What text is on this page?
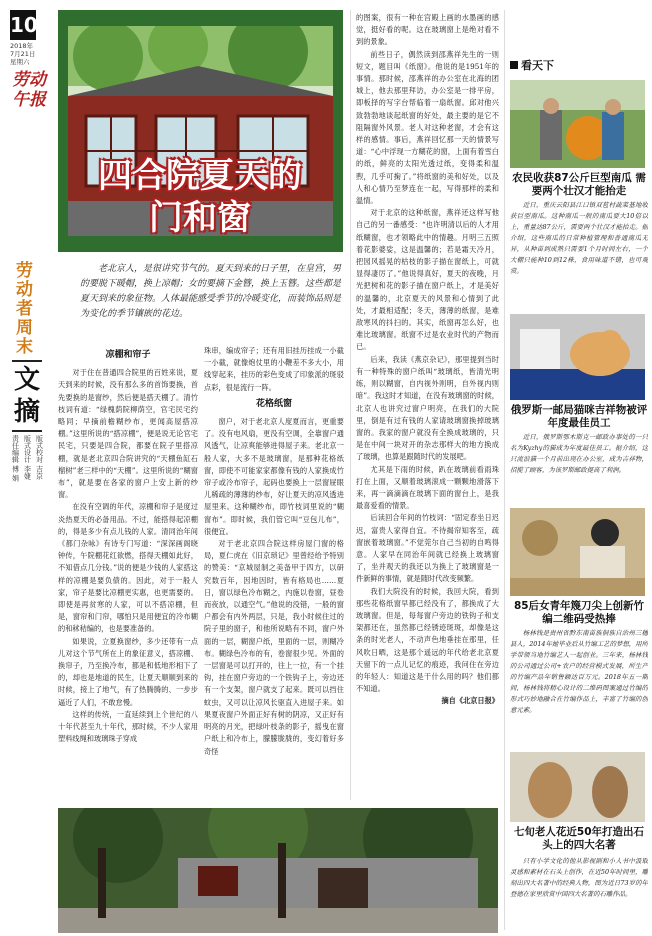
10
2018年
7月21日
星期六
劳动午报
劳动者周末
文摘
版式校对 吉京
版式设计 李婕
责任编辑 傅 娟
四合院夏天的
门和窗
老北京人，是很讲究节气的。夏天到来的日子里，在皇宫，男的要脱下暖帽，换上凉帽；女的要摘下金簪，换上玉簪。这些都是夏天到来的象征物。人体最能感受季节的冷暖变化，而装饰品则是为变化的季节镶嵌的花边。
凉棚和帘子

对于住在普通四合院里的百姓来说，夏天到来的时候，没有那么多的首饰要换，首先要换的是窗纱，然后便是搭天棚了。清竹枝词有道：“绿槐荫院柳荫空，官宅民宅约略同；早摘前檐糊纱布，更闻高屋搭凉棚。”这里所说的“搭凉棚”，便是说无论官宅民宅，只要是四合院，都要在院子里搭凉棚，就是老北京四合院讲究的“天棚鱼缸石榴树”老三样中的“天棚”。这里所说的“糊窗布”，就是要在各家的窗户上安上新的纱窗。

在没有空调的年代，凉棚和帘子是度过炎热夏天的必备用品。不过，能搭得起凉棚的，得是多少有点儿钱的人家。清同治年间《都门杂咏》有诗专门写道：“深深画阁晓钟传，午院棚花红欲燃，搭得天棚如此好，不知借点几分钱。”说的便是少钱的人家搭这样的凉棚是要负债的。因此，对于一般人家，帘子是要比凉棚更实惠，也更需要的。即使是再贫寒的人家，可以不搭凉棚，但是，窗帘和门帘，哪怕只是用便宜的冷布糊的和秫秸编的，也是要准备的。

如果说，立夏换窗纱，多少还带有一点儿对这个节气所在上的象征意义，搭凉棚、换帘子，乃至换冷布，都是和低地形相下了的，却也是地道的民生，让夏天顺顺到来的时候，接上了地气，有了热腾腾的、一步步逼近了人们，不敢怠慢。

这样的传统，一直延续到上个世纪的八十年代甚至九十年代，那时候，不少人家用塑料线绳和玻璃珠子穿成

珠串，编成帘子；还有用旧挂历挂成一小截一小截，就像炮仗里的小鞭差不多大小，用线穿起来，挂历的彩色变成了印象派的斑驳点彩，很是流行一阵。

花格纸窗

窗户，对于老北京人度夏而言，更重要了。没有电风扇，更没有空调，全靠窗户通风透气，让凉爽能够进得屋子来。老北京一般人家，大多不是玻璃窗，是那种花格纸窗，即使不可能家家都像有钱的人家换成竹帘子或冷布帘子，起码也要换上一层窗屉眼儿稀疏的薄薄的纱布，好让夏天的凉风透进屋里来。这种糊纱布，即竹枝词里说的“糊窗布”。即时候，我们管它叫“豆包儿布”，很便宜。

对于老北京四合院这样房屋门窗的格局，夏仁虎在《旧京琐记》里曾经给予特别的赞美：“京城屋制之美备甲于四方，以研究数百年，因地因时，皆有格局也……夏日，窗以绿色冷布糊之，内施以卷窗，昼卷而夜放，以通空气。”他说的没错，一般的窗户都会有内外两层，只是，我小时候住过的院子里的窗子，和他所说略有不同，窗户外面的一层，糊窗户纸，里面的一层，则糊冷布。糊绿色冷布的有，卷窗很少见。外面的一层窗是可以打开的，往上一拉，有一个挂钩，挂在窗户旁边的一个铁钩子上，旁边还有一个支架，窗户就支了起来。既可以挡住蚊虫，又可以让凉风长驱直入进屋子来。如果夏夜窗户外面正好有树的阴凉，又正好有明亮的月光，把绿叶枝条的影子，摇曳在窗户纸上和冷布上，朦朦胧胧的，变幻着好多奇怪

的图案，很有一种在宫殿上画的水墨画的感觉，挺好看的呢。这在玻璃窗上是绝对看不到的景象。

前些日子，偶然读到邵燕祥先生的一则短文，题目叫《纸窗》。他说的是1951年的事情。那时候，邵燕祥的办公室在北海的团城上，他去那里拜访，办公室是一排平房，即板择的写字台帮临着一扇纸窗。邱对他兴致勃勃地谈起纸窗的好处，最主要的是它不阻隔窗外风景。老人对这种老窗，才会有这样的感情。事后，燕祥回忆那一天的情景写道：“心中浮现一方糊花的窗，上面有着雪白的纸，鲜亮的太阳光透过纸，变得柔和温煦，几乎可掬了。”将纸窗的美和好处，以及人和心情乃至梦连在一起，写得那样的柔和温情。

对于北京的这种纸窗，燕祥还这样写他自己的另一番感受：“也许明清以后的人才用纸糊窗，也才领略此中的情趣。月明三五照着花影婆娑，这是温馨的；若是霜天冷月，把园风摇晃的枯枝的影子描在窗纸上，可就显得凄厉了。”他说得真好，夏天的夜晚，月光把树和花的影子描在窗户纸上，才是美好的温馨的，北京夏天的风景和心情到了此处，才最相适配；冬天，薄薄的纸窗，是难敌寒风的抖扫的。其实，纸窗再怎么好，也难比玻璃窗。纸窗不过是农业时代的产物而已。

后来，我读《燕京杂记》，那里提到当时有一种特殊的窗户纸叫“玻璃纸，皆清光明练，则以糊窗，自内视外则明，自外视内则暗”。我这时才知道，在没有玻璃窗的时候，北京人也讲究过窗户明亮，在我们的大院里，倒是有过有钱的人家请玻璃窗换掉玻璃窗的。我家的窗户就没有全换成玻璃的，只是在中间一块对开的杂志那样大的地方换成了玻璃，也算是跟随时代的发展吧。

尤其是下雨的时候，趴在玻璃前看雨珠打在上面，又顺着玻璃滚成一颗颗地滑落下来，再一滴滴滴在玻璃下面的窗台上，是我最喜爱看的情景。

后读回合年间的竹枝词：“固定春坐日迟迟，富贵人家得自宜。不待揭帘知客至，疏窗嵌着玻璃窗。”不觉莞尔自己当初的自鸣得意。人家早在同治年间就已经换上玻璃窗了，坐并观天的我还以为换上了玻璃窗是一件新鲜的事情，就是随时代改变频繁。

我们大院没有的时候，我回大院，看到那些花格纸窗早都已经没有了，都换成了大玻璃窗。但是，每每窗户旁边的铁钩子和支架都还在，虽然都已经锈迹斑斑，却像是这条的时光老人，不动声色地垂挂在那里，任风吹日晒，这是那个遥远的年代给老北京夏天留下的一点儿记忆的痕迹，我问住在旁边的年轻人：知道这是干什么用的吗？他们都不知道。

摘自《北京日报》
看天下
农民收获87公斤巨型南瓜 需要两个壮汉才能抬走
近日，重庆云阳县江口镇双苞村蔬菜基地收获巨型南瓜。这种南瓜一般的南瓜要大10倍以上，重量达87公斤，需要两个壮汉才能抬走。据介绍，这些南瓜的日常种植管理和普通南瓜无异，从种苗到成熟只需要1个月时间左右，一个大棚只能种10到12株，食用味道不错，也可观赏。
俄罗斯一邮局猫咪吉祥物被评年度最佳员工
近日，俄罗斯鄂木斯克一邮政办事处的一只名为Kyzhy的猫成为年度最佳员工。据介绍，这只流浪猫一个月前出现在办公室，成为吉祥物，招揽了顾客，为该罗斯邮政提高了利润。
85后女青年篾刀尖上创新竹编二维码受热捧
杨林钱是贵州省黔东南苗族侗族自治州三穗县人，2014年她毕业后从竹编工艺的梦想，用所学带领当地竹编艺人一起创业。三年来，杨林钱的公司通过公司+农户的经营模式发展，所生产的竹编产品年销售额达百万元。2018年五一期间，杨林钱将精心设计的二维码图案通过竹编的形式巧妙地融合在竹编作品上，丰富了竹编的创意元素。
七旬老人花近50年打造出石头上的四大名著
只有小学文化的他从影视剧和小人书中汲取灵感和素材在石头上创作，在近50年时间里，雕刻出四大名著中的经典人物，图为近日73岁的年登德在家里欣赏中国四大名著的石雕作品。
